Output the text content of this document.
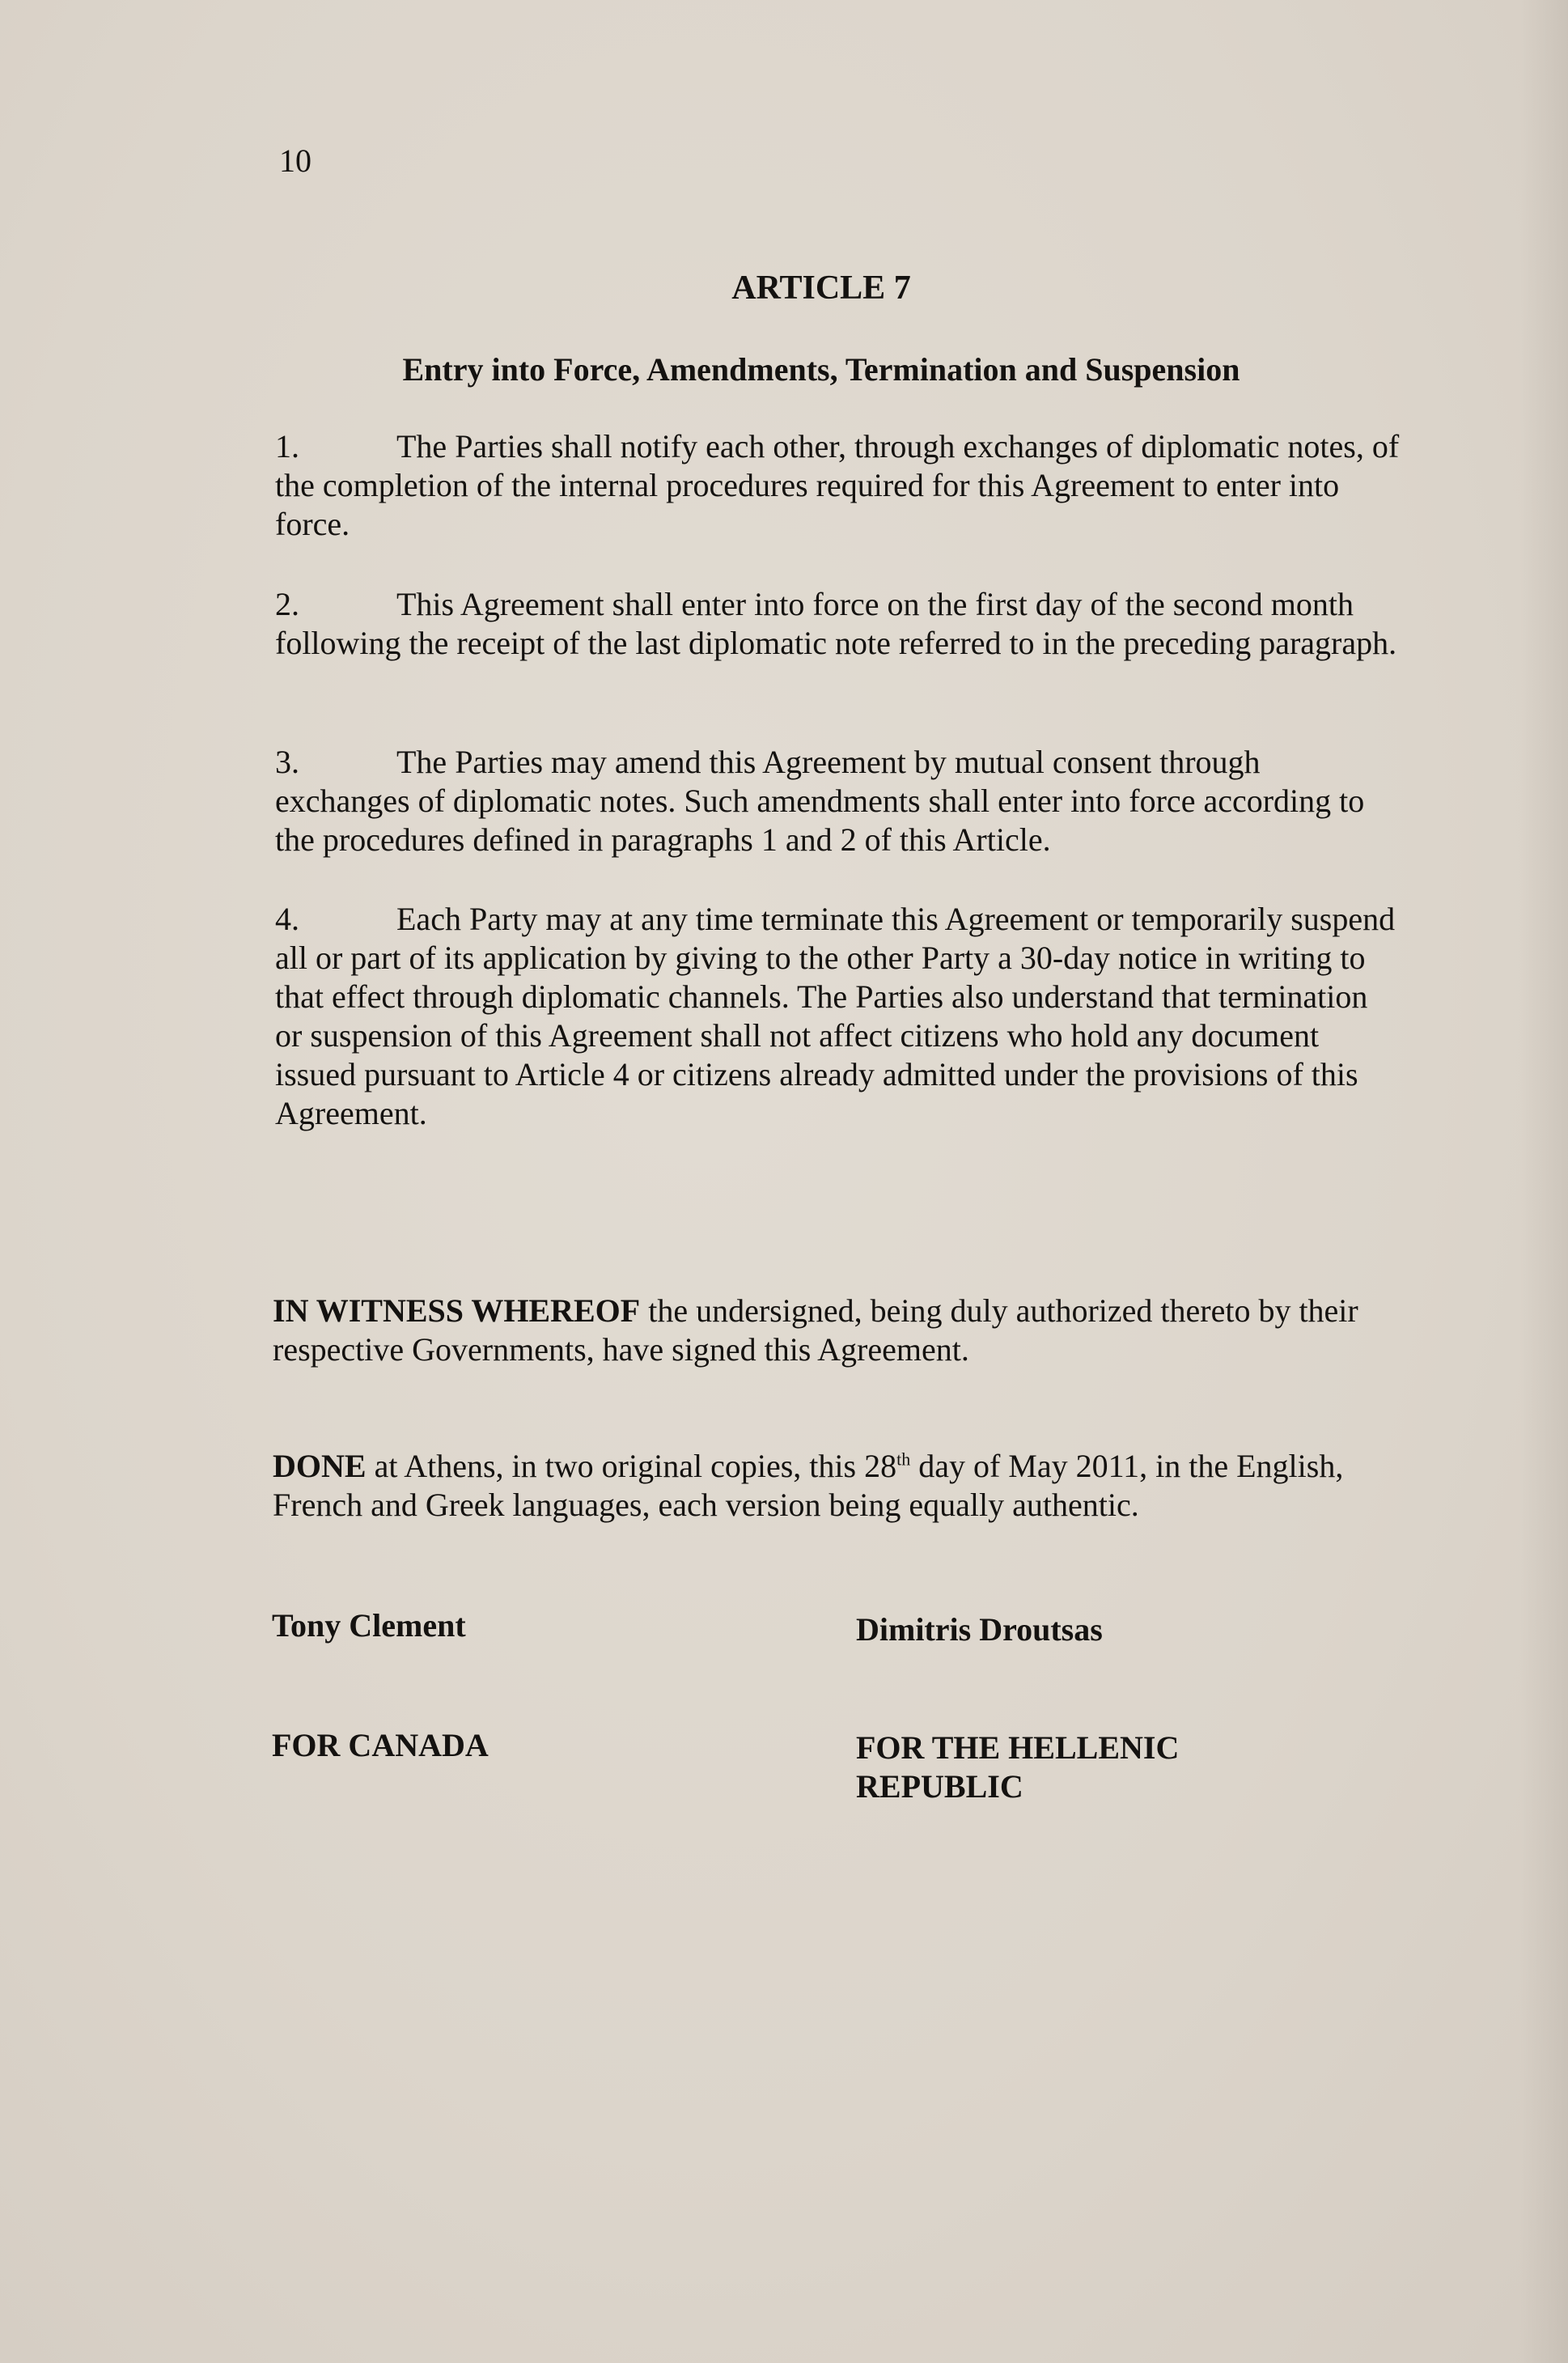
10
ARTICLE 7
Entry into Force, Amendments, Termination and Suspension
1.	The Parties shall notify each other, through exchanges of diplomatic notes, of the completion of the internal procedures required for this Agreement to enter into force.
2.	This Agreement shall enter into force on the first day of the second month following the receipt of the last diplomatic note referred to in the preceding paragraph.
3.	The Parties may amend this Agreement by mutual consent through exchanges of diplomatic notes. Such amendments shall enter into force according to the procedures defined in paragraphs 1 and 2 of this Article.
4.	Each Party may at any time terminate this Agreement or temporarily suspend all or part of its application by giving to the other Party a 30-day notice in writing to that effect through diplomatic channels. The Parties also understand that termination or suspension of this Agreement shall not affect citizens who hold any document issued pursuant to Article 4 or citizens already admitted under the provisions of this Agreement.
IN WITNESS WHEREOF the undersigned, being duly authorized thereto by their respective Governments, have signed this Agreement.
DONE at Athens, in two original copies, this 28th day of May 2011, in the English, French and Greek languages, each version being equally authentic.
Tony Clement	Dimitris Droutsas
FOR CANADA	FOR THE HELLENIC REPUBLIC
